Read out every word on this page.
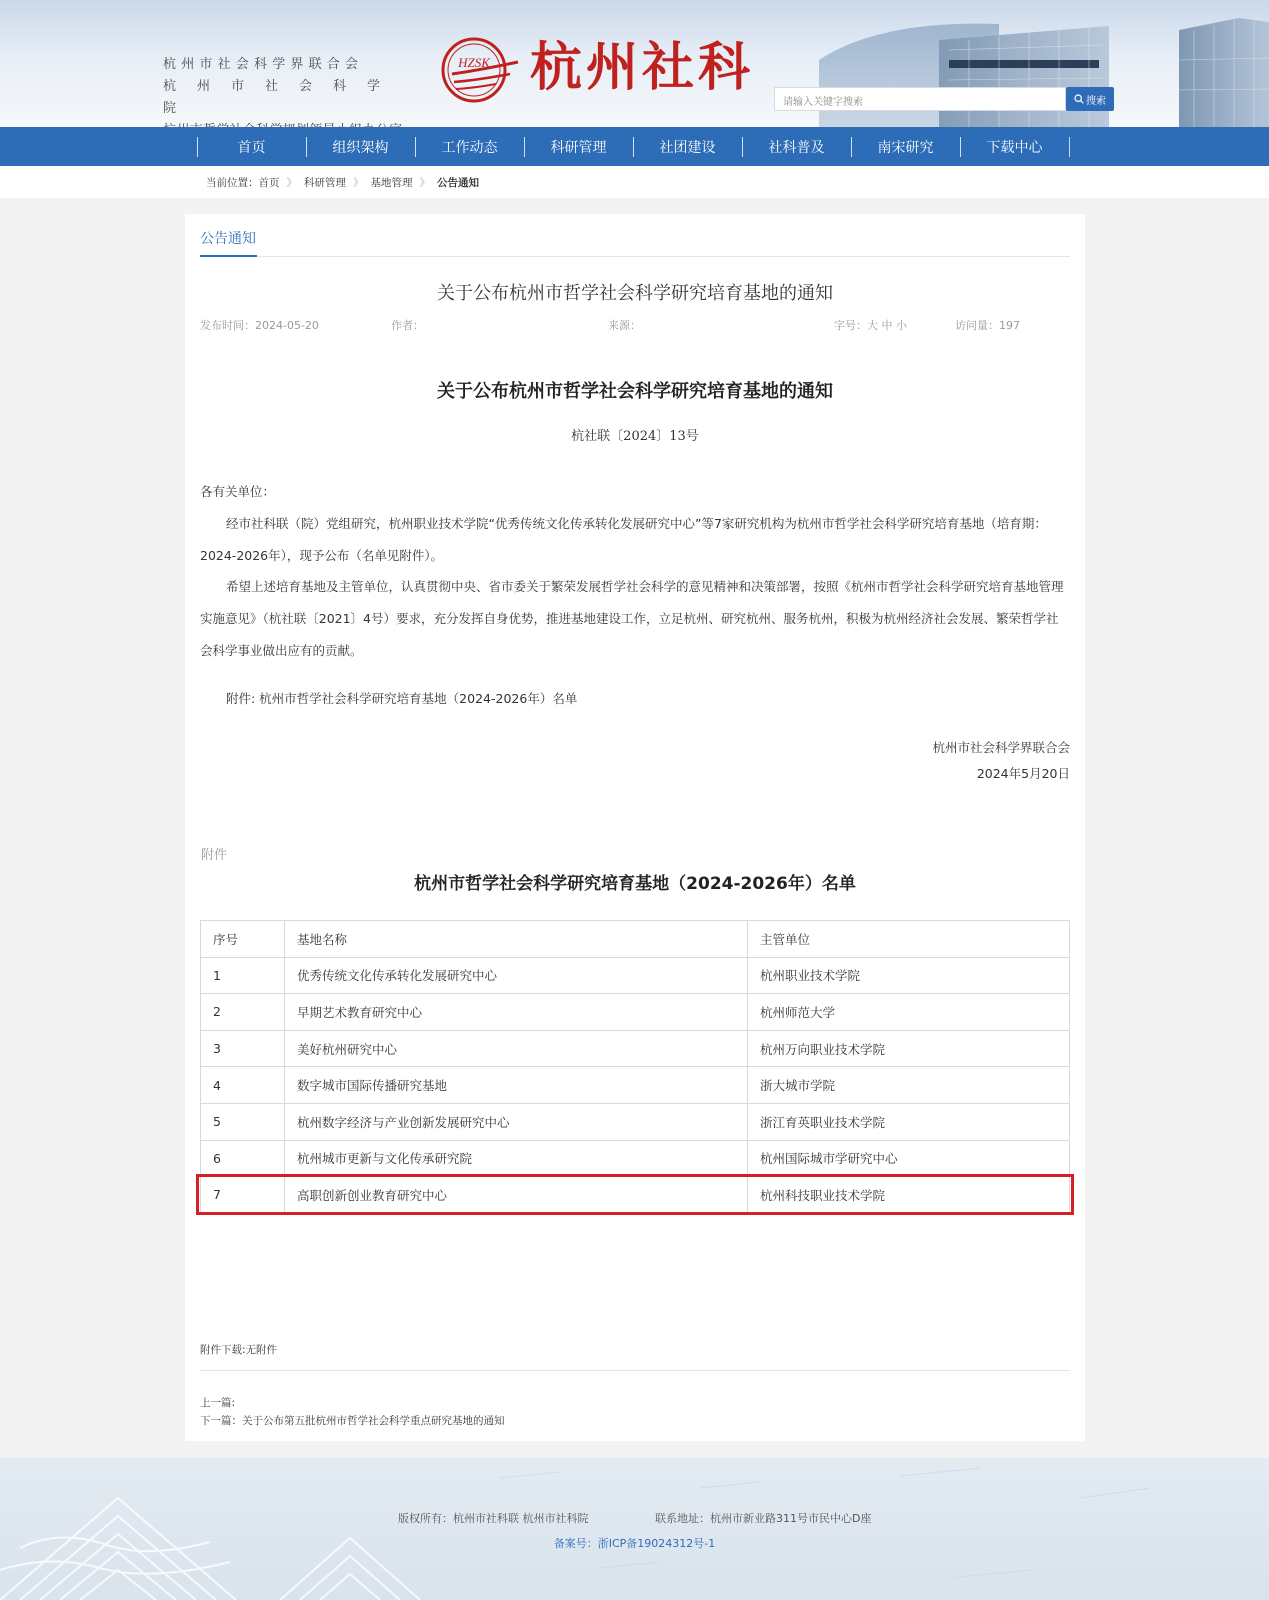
杭州市社会科学界联合会
杭州市社会科学院
HZSK 杭州社科
请输入关键字搜索	搜索
首页	组织架构	工作动态	科研管理	社团建设	社科普及	南宋研究	下载中心
当前位置： 首页 》 科研管理 》 基地管理 》 公告通知
公告通知
关于公布杭州市哲学社会科学研究培育基地的通知
发布时间：2024-05-20	作者：	来源：	字号：大 中 小	访问量：197
关于公布杭州市哲学社会科学研究培育基地的通知
杭社联〔2024〕13号
各有关单位：
经市社科联（院）党组研究，杭州职业技术学院“优秀传统文化传承转化发展研究中心”等7家研究机构为杭州市哲学社会科学研究培育基地（培育期：2024-2026年），现予公布（名单见附件）。
希望上述培育基地及主管单位，认真贯彻中央、省市委关于繁荣发展哲学社会科学的意见精神和决策部署，按照《杭州市哲学社会科学研究培育基地管理实施意见》（杭社联〔2021〕4号）要求，充分发挥自身优势，推进基地建设工作，立足杭州、研究杭州、服务杭州，积极为杭州经济社会发展、繁荣哲学社会科学事业做出应有的贡献。
附件: 杭州市哲学社会科学研究培育基地（2024-2026年）名单
杭州市社会科学界联合会
2024年5月20日
附件
杭州市哲学社会科学研究培育基地（2024-2026年）名单
序号	基地名称	主管单位
1	优秀传统文化传承转化发展研究中心	杭州职业技术学院
2	早期艺术教育研究中心	杭州师范大学
3	美好杭州研究中心	杭州万向职业技术学院
4	数字城市国际传播研究基地	浙大城市学院
5	杭州数字经济与产业创新发展研究中心	浙江育英职业技术学院
6	杭州城市更新与文化传承研究院	杭州国际城市学研究中心
7	高职创新创业教育研究中心	杭州科技职业技术学院
附件下载:无附件
上一篇:
下一篇：关于公布第五批杭州市哲学社会科学重点研究基地的通知
版权所有：杭州市社科联 杭州市社科院	联系地址：杭州市新业路311号市民中心D座
备案号：浙ICP备19024312号-1
